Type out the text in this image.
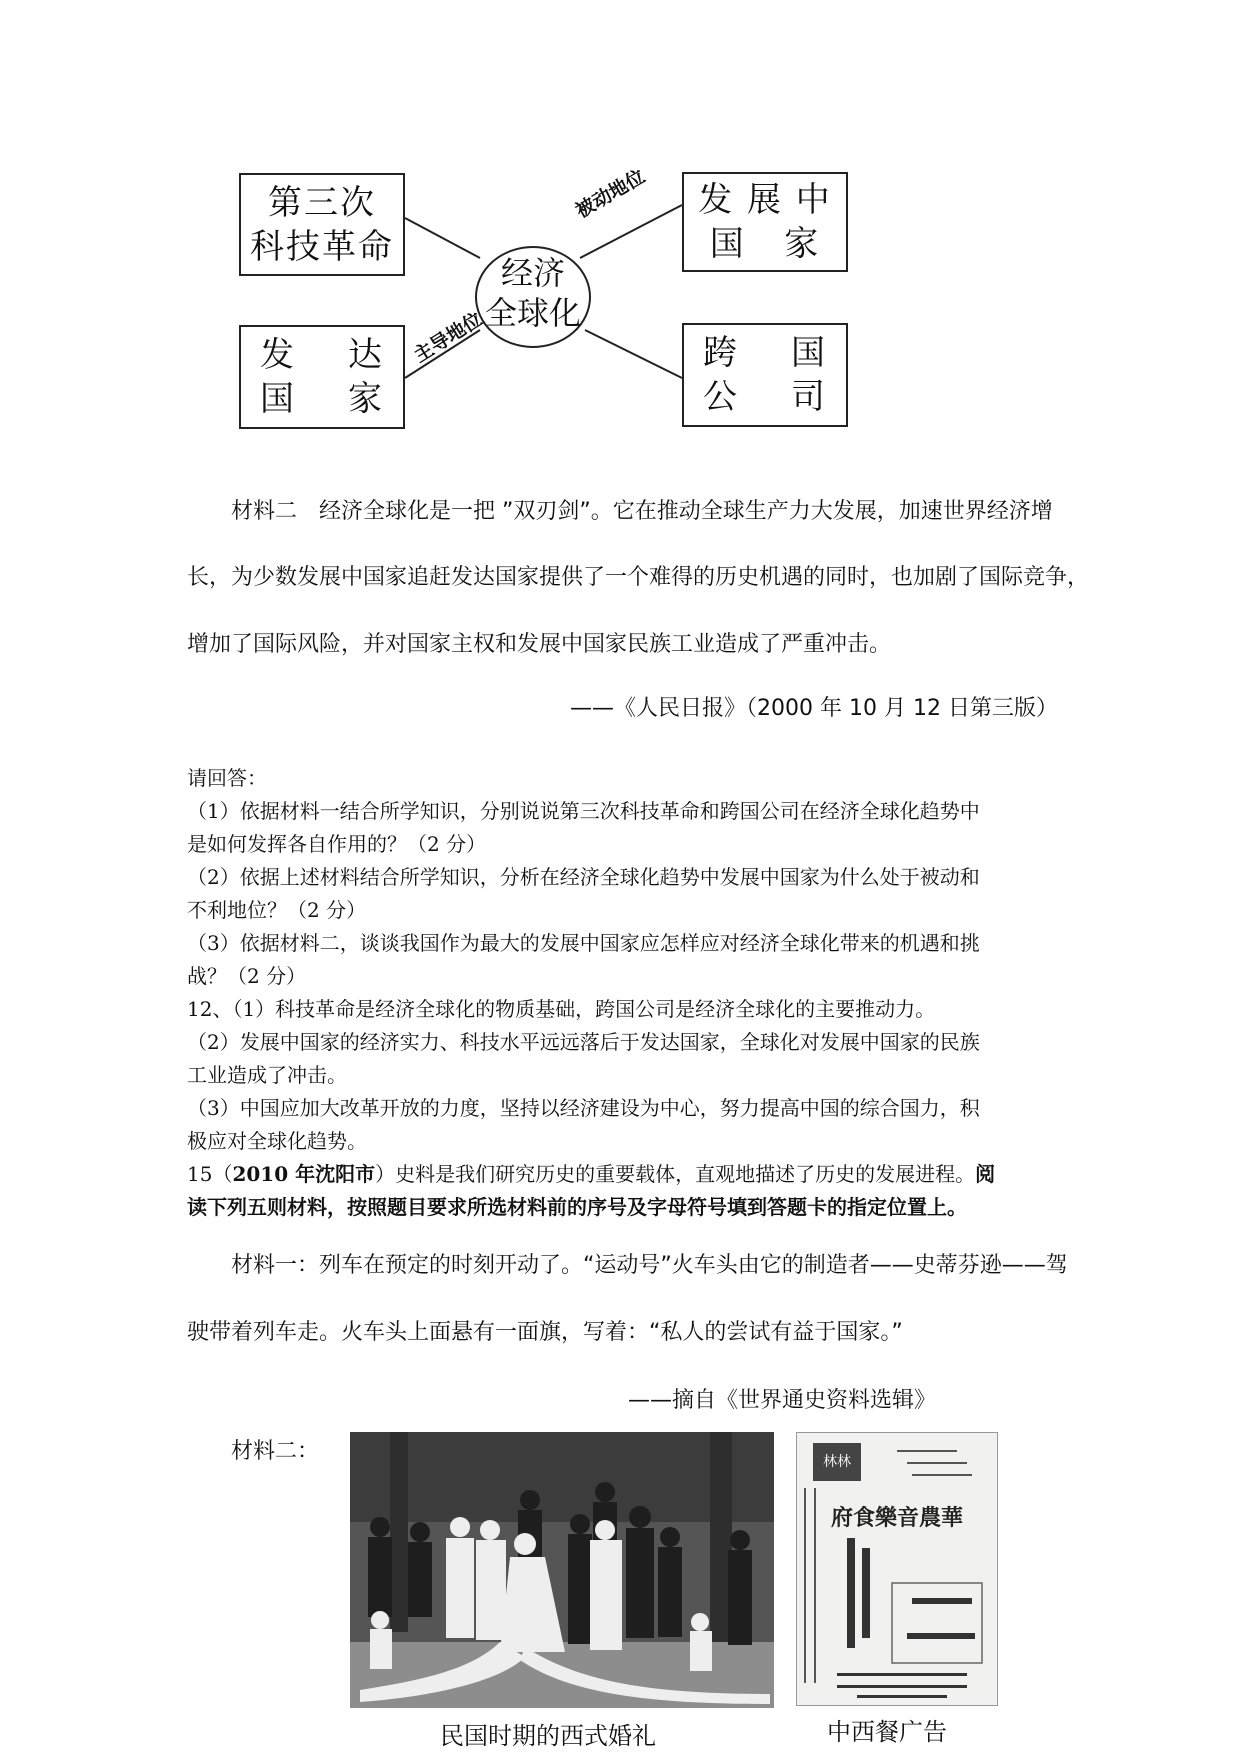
经济
全球化
第三次
科技革命
发 展 中
国   家
发 达
国 家
跨 国
公 司
被动地位
主导地位
材料二　经济全球化是一把 ”双刃剑”。它在推动全球生产力大发展，加速世界经济增
长，为少数发展中国家追赶发达国家提供了一个难得的历史机遇的同时，也加剧了国际竞争，
增加了国际风险，并对国家主权和发展中国家民族工业造成了严重冲击。
——《人民日报》（2000 年 10 月 12 日第三版）
请回答：
（1）依据材料一结合所学知识，分别说说第三次科技革命和跨国公司在经济全球化趋势中
是如何发挥各自作用的？（2 分）
（2）依据上述材料结合所学知识，分析在经济全球化趋势中发展中国家为什么处于被动和
不利地位？（2 分）
（3）依据材料二，谈谈我国作为最大的发展中国家应怎样应对经济全球化带来的机遇和挑
战？（2 分）
12、（1）科技革命是经济全球化的物质基础，跨国公司是经济全球化的主要推动力。
（2）发展中国家的经济实力、科技水平远远落后于发达国家，全球化对发展中国家的民族
工业造成了冲击。
（3）中国应加大改革开放的力度，坚持以经济建设为中心，努力提高中国的综合国力，积
极应对全球化趋势。
15（2010 年沈阳市）史料是我们研究历史的重要载体，直观地描述了历史的发展进程。阅
读下列五则材料，按照题目要求所选材料前的序号及字母符号填到答题卡的指定位置上。
材料一：列车在预定的时刻开动了。“运动号”火车头由它的制造者——史蒂芬逊——驾
驶带着列车走。火车头上面悬有一面旗，写着：“私人的尝试有益于国家。”
——摘自《世界通史资料选辑》
材料二：	林林
府食樂音農華
民国时期的西式婚礼	中西餐广告
